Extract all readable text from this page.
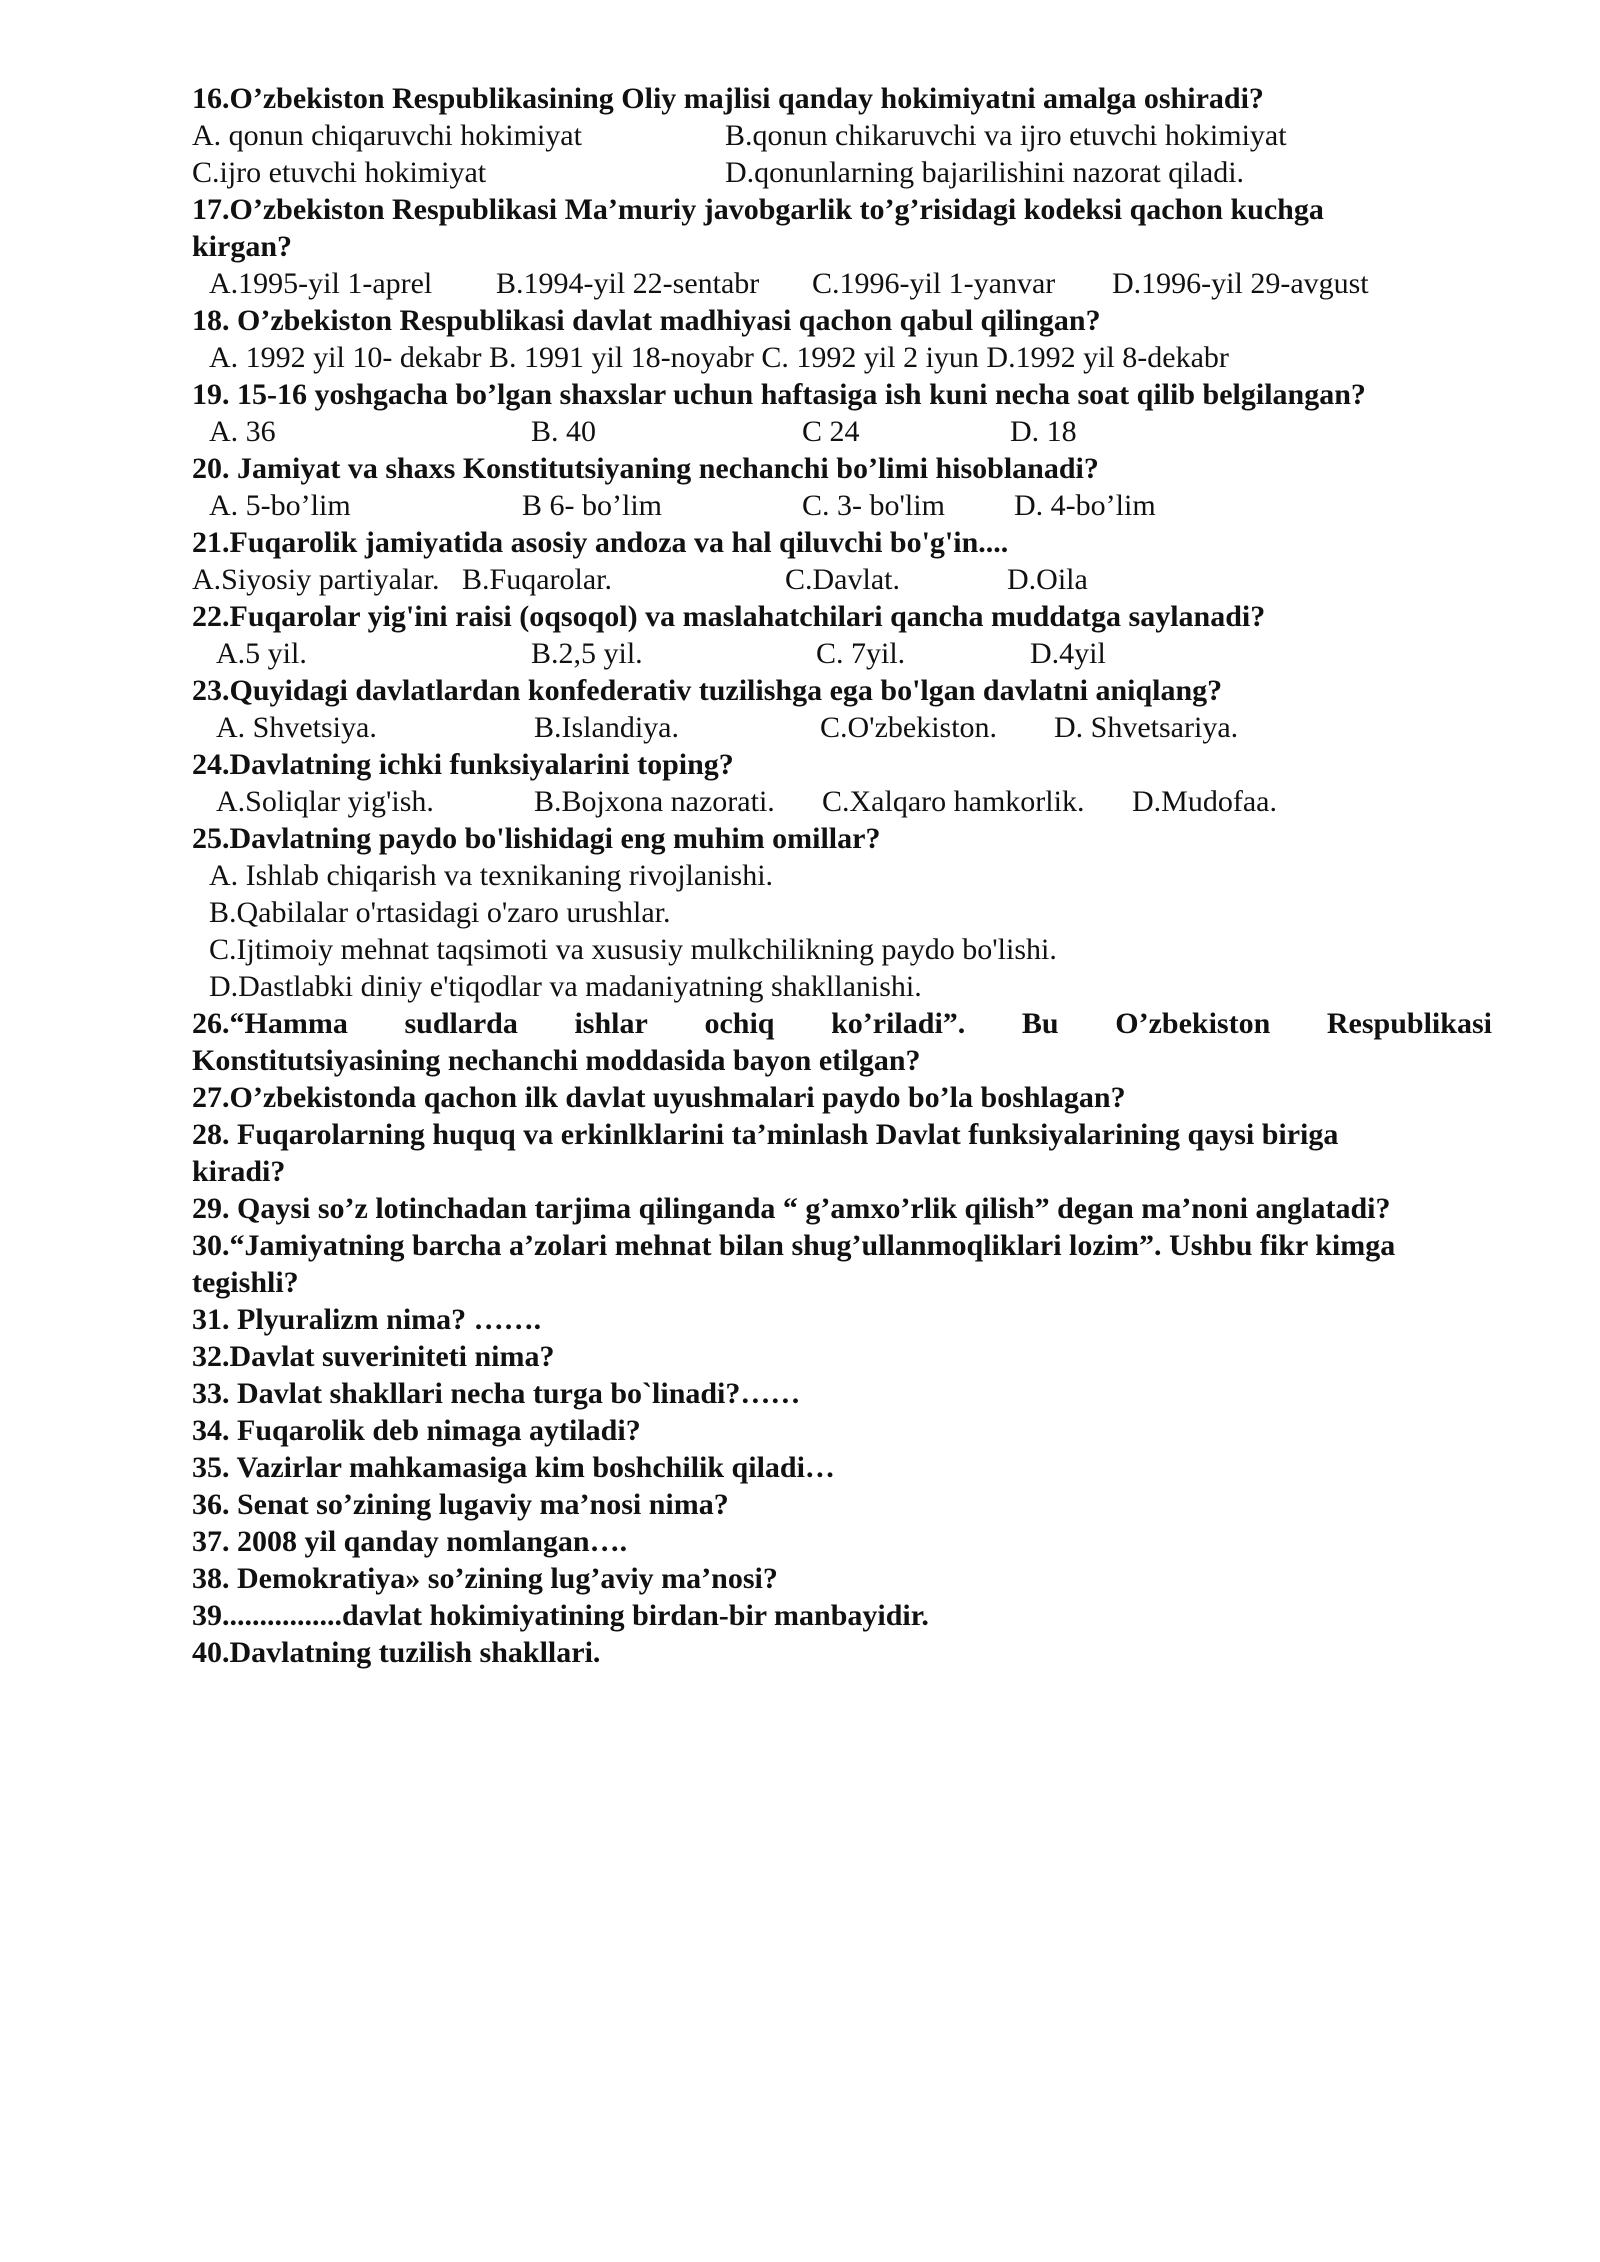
16.O’zbekiston Respublikasining Oliy majlisi qanday hokimiyatni amalga oshiradi?
A. qonun chiqaruvchi hokimiyat	B.qonun chikaruvchi va ijro etuvchi hokimiyat
C.ijro etuvchi hokimiyat	D.qonunlarning bajarilishini nazorat qiladi.
17.O’zbekiston Respublikasi Ma’muriy javobgarlik to’g’risidagi kodeksi qachon kuchga
kirgan?
A.1995-yil 1-aprel B.1994-yil 22-sentabr C.1996-yil 1-yanvar D.1996-yil 29-avgust
18. O’zbekiston Respublikasi davlat madhiyasi qachon qabul qilingan?
A. 1992 yil 10- dekabr B. 1991 yil 18-noyabr C. 1992 yil 2 iyun D.1992 yil 8-dekabr
19. 15-16 yoshgacha bo’lgan shaxslar uchun haftasiga ish kuni necha soat qilib belgilangan?
A. 36	B. 40	C 24	D. 18
20. Jamiyat va shaxs Konstitutsiyaning nechanchi bo’limi hisoblanadi?
A. 5-bo’lim	B 6- bo’lim	C. 3- bo'lim D. 4-bo’lim
21.Fuqarolik jamiyatida asosiy andoza va hal qiluvchi bo'g'in....
A.Siyosiy partiyalar. B.Fuqarolar.	C.Davlat.	D.Oila
22.Fuqarolar yig'ini raisi (oqsoqol) va maslahatchilari qancha muddatga saylanadi?
A.5 yil.	B.2,5 yil.	C. 7yil.	D.4yil
23.Quyidagi davlatlardan konfederativ tuzilishga ega bo'lgan davlatni aniqlang?
A. Shvetsiya.	B.Islandiya.	C.O'zbekiston. D. Shvetsariya.
24.Davlatning ichki funksiyalarini toping?
A.Soliqlar yig'ish.	B.Bojxona nazorati. C.Xalqaro hamkorlik. D.Mudofaa.
25.Davlatning paydo bo'lishidagi eng muhim omillar?
A. Ishlab chiqarish va texnikaning rivojlanishi.
B.Qabilalar o'rtasidagi o'zaro urushlar.
C.Ijtimoiy mehnat taqsimoti va xususiy mulkchilikning paydo bo'lishi.
D.Dastlabki diniy e'tiqodlar va madaniyatning shakllanishi.
26.“Hamma sudlarda ishlar ochiq ko’riladi”. Bu O’zbekiston Respublikasi
Konstitutsiyasining nechanchi moddasida bayon etilgan?
27.O’zbekistonda qachon ilk davlat uyushmalari paydo bo’la boshlagan?
28. Fuqarolarning huquq va erkinlklarini ta’minlash Davlat funksiyalarining qaysi biriga
kiradi?
29. Qaysi so’z lotinchadan tarjima qilinganda “ g’amxo’rlik qilish” degan ma’noni anglatadi?
30.“Jamiyatning barcha a’zolari mehnat bilan shug’ullanmoqliklari lozim”. Ushbu fikr kimga
tegishli?
31. Plyuralizm nima? …….
32.Davlat suveriniteti nima?
33. Davlat shakllari necha turga bo`linadi?……
34. Fuqarolik deb nimaga aytiladi?
35. Vazirlar mahkamasiga kim boshchilik qiladi…
36. Senat so’zining lugaviy ma’nosi nima?
37. 2008 yil qanday nomlangan….
38. Demokratiya» so’zining lug’aviy ma’nosi?
39................davlat hokimiyatining birdan-bir manbayidir.
40.Davlatning tuzilish shakllari.
